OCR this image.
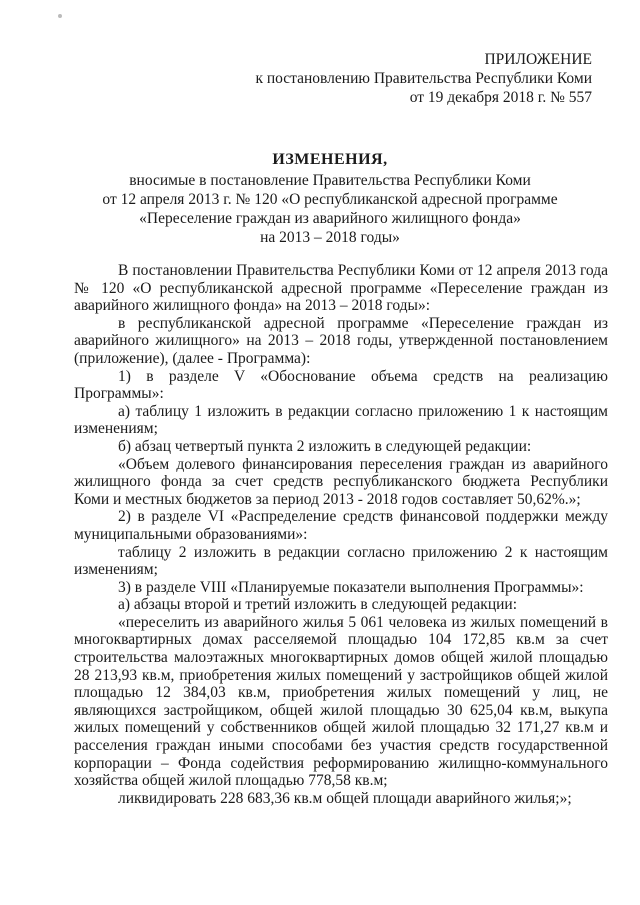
ПРИЛОЖЕНИЕ
к постановлению Правительства Республики Коми
от 19 декабря 2018 г. № 557
ИЗМЕНЕНИЯ,
вносимые в постановление Правительства Республики Коми
от 12 апреля 2013 г. № 120 «О республиканской адресной программе
«Переселение граждан из аварийного жилищного фонда»
на 2013 – 2018 годы»
В постановлении Правительства Республики Коми от 12 апреля 2013 года
№ 120 «О республиканской адресной программе «Переселение граждан из
аварийного жилищного фонда» на 2013 – 2018 годы»:
в республиканской адресной программе «Переселение граждан из
аварийного жилищного» на 2013 – 2018 годы, утвержденной постановлением
(приложение), (далее - Программа):
1) в разделе V «Обоснование объема средств на реализацию
Программы»:
а) таблицу 1 изложить в редакции согласно приложению 1 к настоящим
изменениям;
б) абзац четвертый пункта 2 изложить в следующей редакции:
«Объем долевого финансирования переселения граждан из аварийного
жилищного фонда за счет средств республиканского бюджета Республики
Коми и местных бюджетов за период 2013 - 2018 годов составляет 50,62%.»;
2) в разделе VI «Распределение средств финансовой поддержки между
муниципальными образованиями»:
таблицу 2 изложить в редакции согласно приложению 2 к настоящим
изменениям;
3) в разделе VIII «Планируемые показатели выполнения Программы»:
а) абзацы второй и третий изложить в следующей редакции:
«переселить из аварийного жилья 5 061 человека из жилых помещений в
многоквартирных домах расселяемой площадью 104 172,85 кв.м за счет
строительства малоэтажных многоквартирных домов общей жилой площадью
28 213,93 кв.м, приобретения жилых помещений у застройщиков общей жилой
площадью 12 384,03 кв.м, приобретения жилых помещений у лиц, не
являющихся застройщиком, общей жилой площадью 30 625,04 кв.м, выкупа
жилых помещений у собственников общей жилой площадью 32 171,27 кв.м и
расселения граждан иными способами без участия средств государственной
корпорации – Фонда содействия реформированию жилищно-коммунального
хозяйства общей жилой площадью 778,58 кв.м;
ликвидировать 228 683,36 кв.м общей площади аварийного жилья;»;
